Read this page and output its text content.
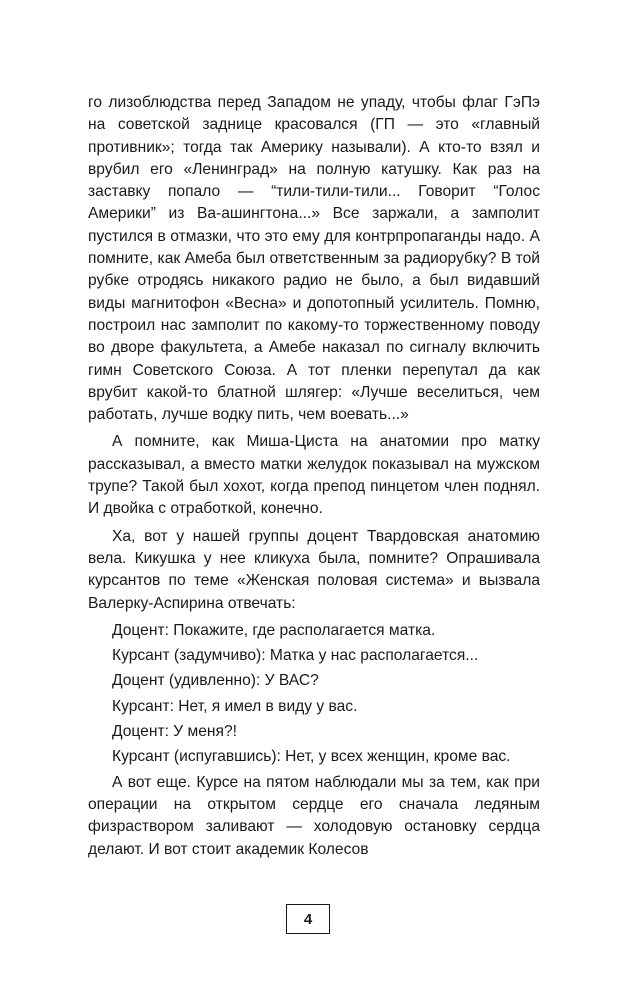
го лизоблюдства перед Западом не упаду, чтобы флаг ГэПэ на советской заднице красовался (ГП — это «главный противник»; тогда так Америку называли). А кто-то взял и врубил его «Ленинград» на полную катушку. Как раз на заставку попало — “тили-тили-тили... Говорит “Голос Америки” из Ва-ашингтона...» Все заржали, а замполит пустился в отмазки, что это ему для контрпропаганды надо. А помните, как Амеба был ответственным за радиорубку? В той рубке отродясь никакого радио не было, а был видавший виды магнитофон «Весна» и допотопный усилитель. Помню, построил нас замполит по какому-то торжественному поводу во дворе факультета, а Амебе наказал по сигналу включить гимн Советского Союза. А тот пленки перепутал да как врубит какой-то блатной шлягер: «Лучше веселиться, чем работать, лучше водку пить, чем воевать...»

А помните, как Миша-Циста на анатомии про матку рассказывал, а вместо матки желудок показывал на мужском трупе? Такой был хохот, когда препод пинцетом член поднял. И двойка с отработкой, конечно.

Ха, вот у нашей группы доцент Твардовская анатомию вела. Кикушка у нее кликуха была, помните? Опрашивала курсантов по теме «Женская половая система» и вызвала Валерку-Аспирина отвечать:

Доцент: Покажите, где располагается матка.

Курсант (задумчиво): Матка у нас располагается...

Доцент (удивленно): У ВАС?

Курсант: Нет, я имел в виду у вас.

Доцент: У меня?!

Курсант (испугавшись): Нет, у всех женщин, кроме вас.

А вот еще. Курсе на пятом наблюдали мы за тем, как при операции на открытом сердце его сначала ледяным физраствором заливают — холодовую остановку сердца делают. И вот стоит академик Колесов

4
